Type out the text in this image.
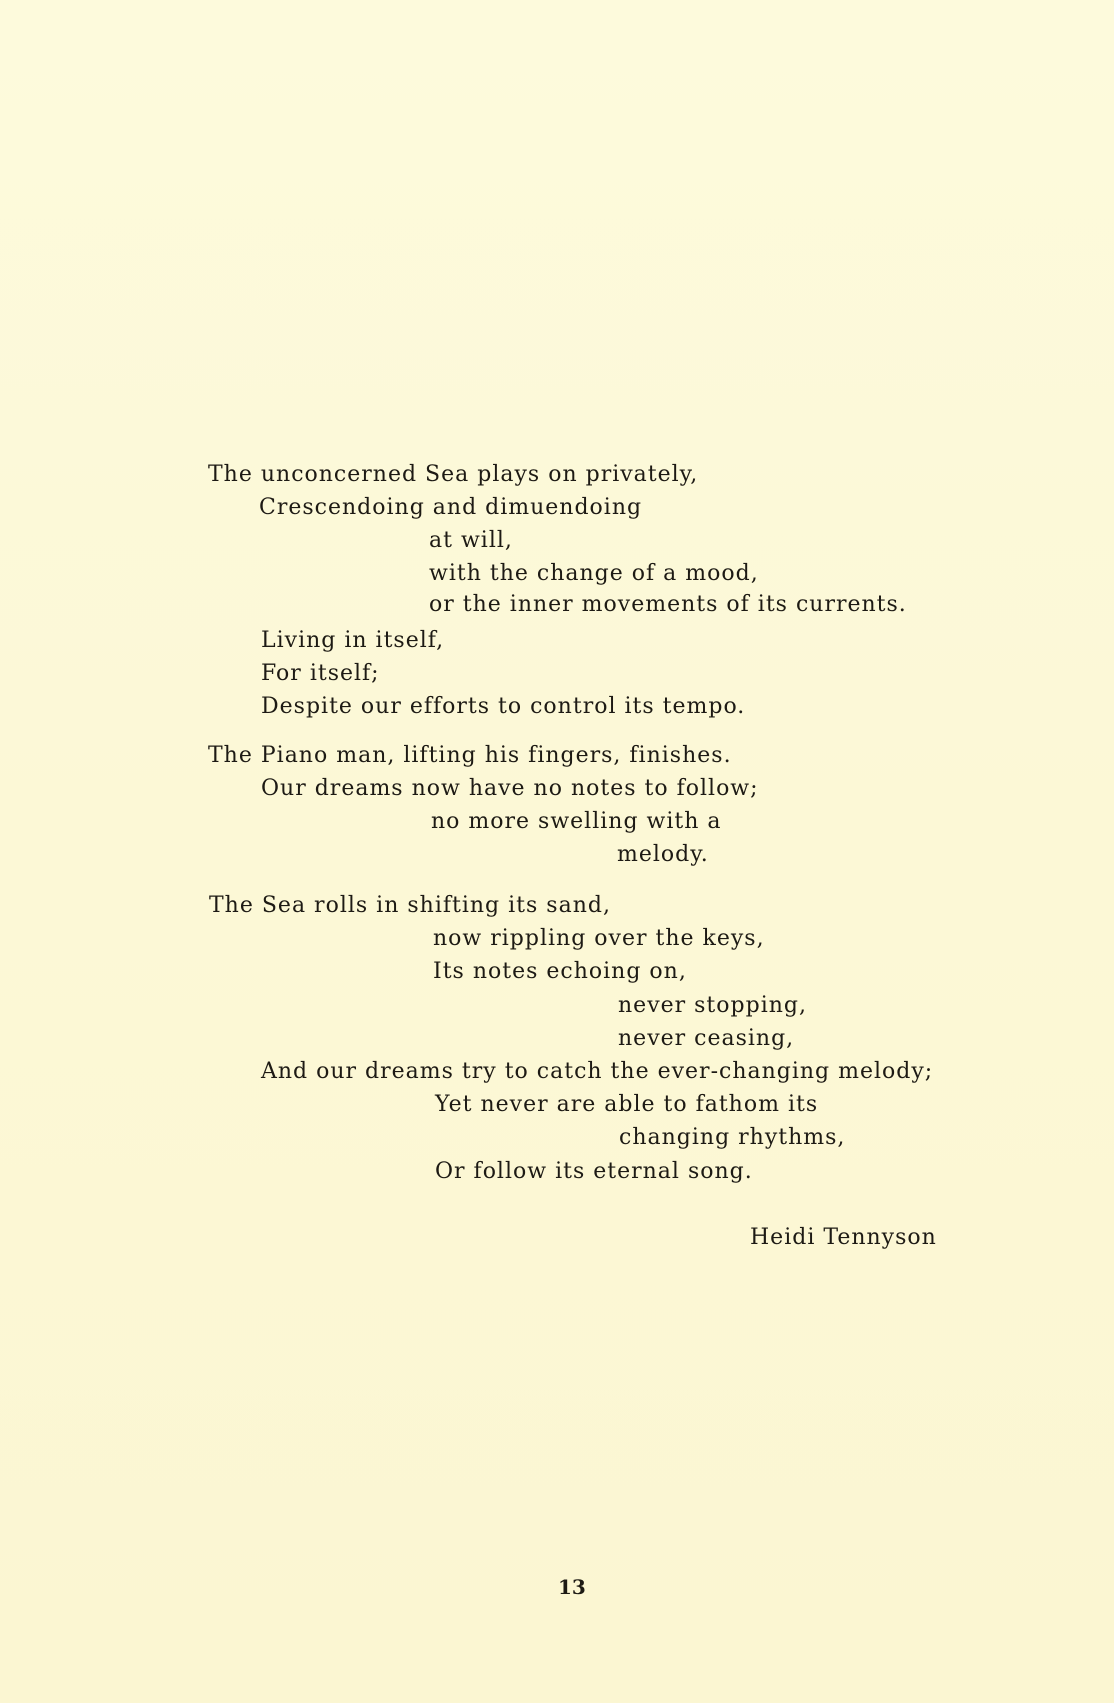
The unconcerned Sea plays on privately,
Crescendoing and dimuendoing
at will,
with the change of a mood,
or the inner movements of its currents.
Living in itself,
For itself;
Despite our efforts to control its tempo.
The Piano man, lifting his fingers, finishes.
Our dreams now have no notes to follow;
no more swelling with a
melody.
The Sea rolls in shifting its sand,
now rippling over the keys,
Its notes echoing on,
never stopping,
never ceasing,
And our dreams try to catch the ever-changing melody;
Yet never are able to fathom its
changing rhythms,
Or follow its eternal song.
Heidi Tennyson
13
